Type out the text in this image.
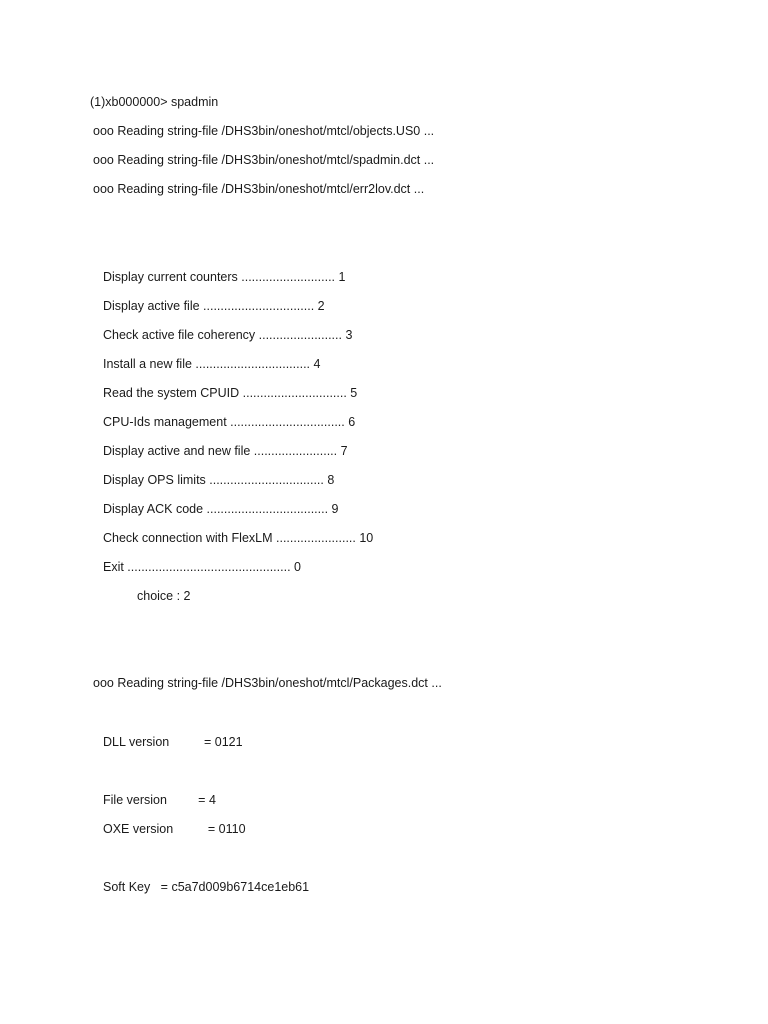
(1)xb000000> spadmin
ooo Reading string-file /DHS3bin/oneshot/mtcl/objects.US0 ...
ooo Reading string-file /DHS3bin/oneshot/mtcl/spadmin.dct ...
ooo Reading string-file /DHS3bin/oneshot/mtcl/err2lov.dct ...
Display current counters ........................... 1
Display active file ................................ 2
Check active file coherency ........................ 3
Install a new file ................................. 4
Read the system CPUID .............................. 5
CPU-Ids management ................................. 6
Display active and new file ........................ 7
Display OPS limits ................................. 8
Display ACK code ................................... 9
Check connection with FlexLM ....................... 10
Exit ............................................... 0
choice : 2
ooo Reading string-file /DHS3bin/oneshot/mtcl/Packages.dct ...
DLL version          = 0121
File version         = 4
OXE version          = 0110
Soft Key   = c5a7d009b6714ce1eb61
